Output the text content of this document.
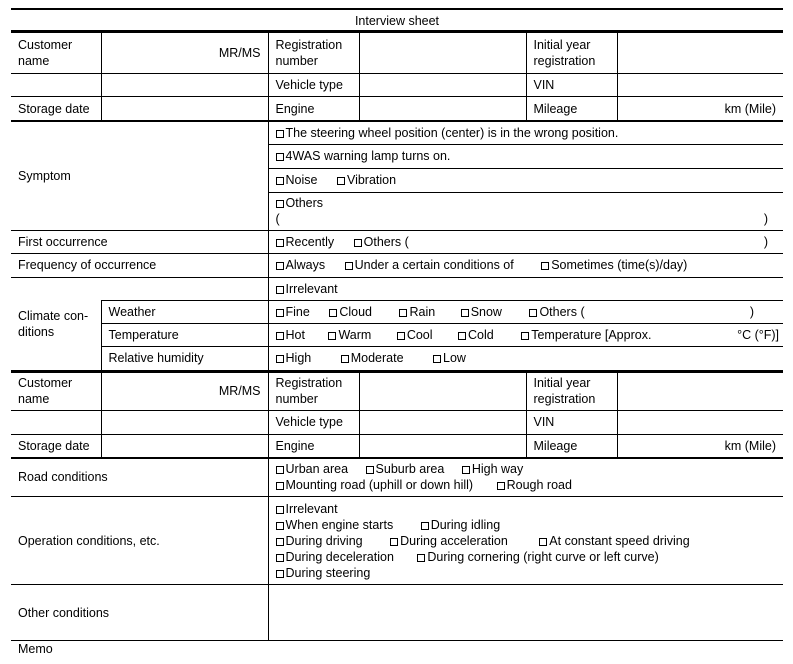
Interview sheet
Customer name	MR/MS	Registration number		Initial year registration	
		Vehicle type		VIN	
Storage date		Engine		Mileage	km (Mile)
Symptom		The steering wheel position (center) is in the wrong position.
		4WAS warning lamp turns on.
		Noise Vibration

		Others
( )

First occurrence		Recently Others ( )

Frequency of occurrence		Always Under a certain conditions of Sometimes (time(s)/day)
Climate con-ditions		Irrelevant
	Weather	Fine Cloud Rain Snow Others ( )

	Temperature	Hot Warm Cool Cold Temperature [Approx. °C (°F)]

	Relative humidity	High Moderate Low
Customer name	MR/MS	Registration number		Initial year registration	
		Vehicle type		VIN	
Storage date		Engine		Mileage	km (Mile)
Road conditions	Urban area Suburb area High way
Mounting road (uphill or down hill) Rough road

Operation conditions, etc.	Irrelevant
When engine starts During idling
During driving During acceleration At constant speed driving
During deceleration During cornering (right curve or left curve)
During steering

Other conditions	
Memo
